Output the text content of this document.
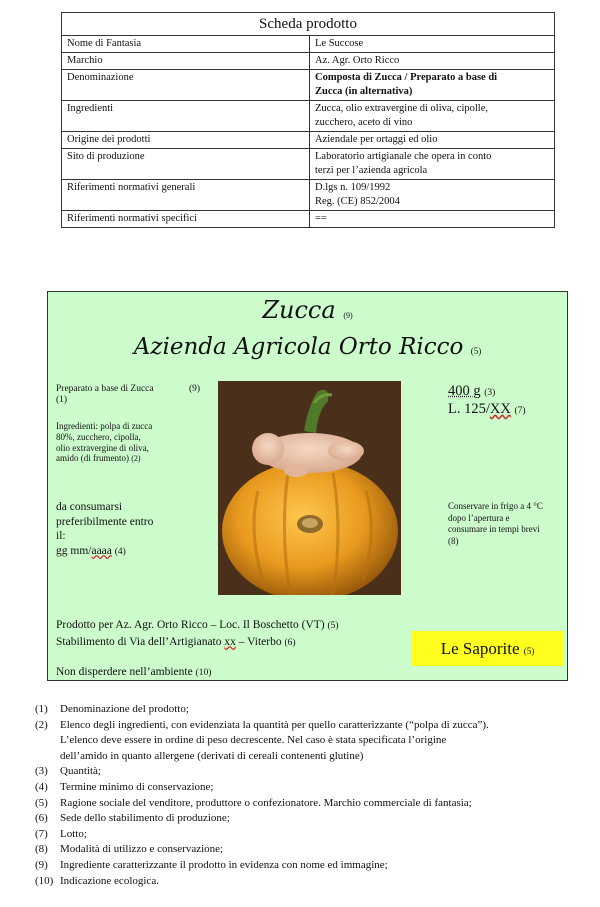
Scheda prodotto	
Nome di Fantasia	Le Succose

Marchio	Az. Agr. Orto Ricco

Denominazione	Composta di Zucca / Preparato a base di
Zucca (in alternativa)

Ingredienti	Zucca, olio extravergine di oliva, cipolle,
zucchero, aceto di vino

Origine dei prodotti	Aziendale per ortaggi ed olio

Sito di produzione	Laboratorio artigianale che opera in conto
terzi per l’azienda agricola

Riferimenti normativi generali	D.lgs n. 109/1992
Reg. (CE) 852/2004

Riferimenti normativi specifici	==
Zucca (9)
Azienda Agricola Orto Ricco (5)
Preparato a base di Zucca	(9)

(1)
Ingredienti: polpa di zucca
80%, zucchero, cipolla,
olio extravergine di oliva,
amido (di frumento) (2)
da consumarsi
preferibilmente entro
il:
gg mm/aaaa (4)
400 g (3)
L. 125/XX (7)
Conservare in frigo a 4 °C
dopo l’apertura e
consumare in tempi brevi
(8)
Prodotto per Az. Agr. Orto Ricco – Loc. Il Boschetto (VT) (5)
Stabilimento di Via dell’Artigianato xx – Viterbo (6)
Non disperdere nell’ambiente (10)
Le Saporite (5)
(1) Denominazione del prodotto;
(2) Elenco degli ingredienti, con evidenziata la quantità per quello caratterizzante (“polpa di zucca”).
L’elenco deve essere in ordine di peso decrescente. Nel caso è stata specificata l’origine
dell’amido in quanto allergene (derivati di cereali contenenti glutine)
(3) Quantità;
(4) Termine minimo di conservazione;
(5) Ragione sociale del venditore, produttore o confezionatore. Marchio commerciale di fantasia;
(6) Sede dello stabilimento di produzione;
(7) Lotto;
(8) Modalità di utilizzo e conservazione;
(9) Ingrediente caratterizzante il prodotto in evidenza con nome ed immagine;
(10) Indicazione ecologica.
